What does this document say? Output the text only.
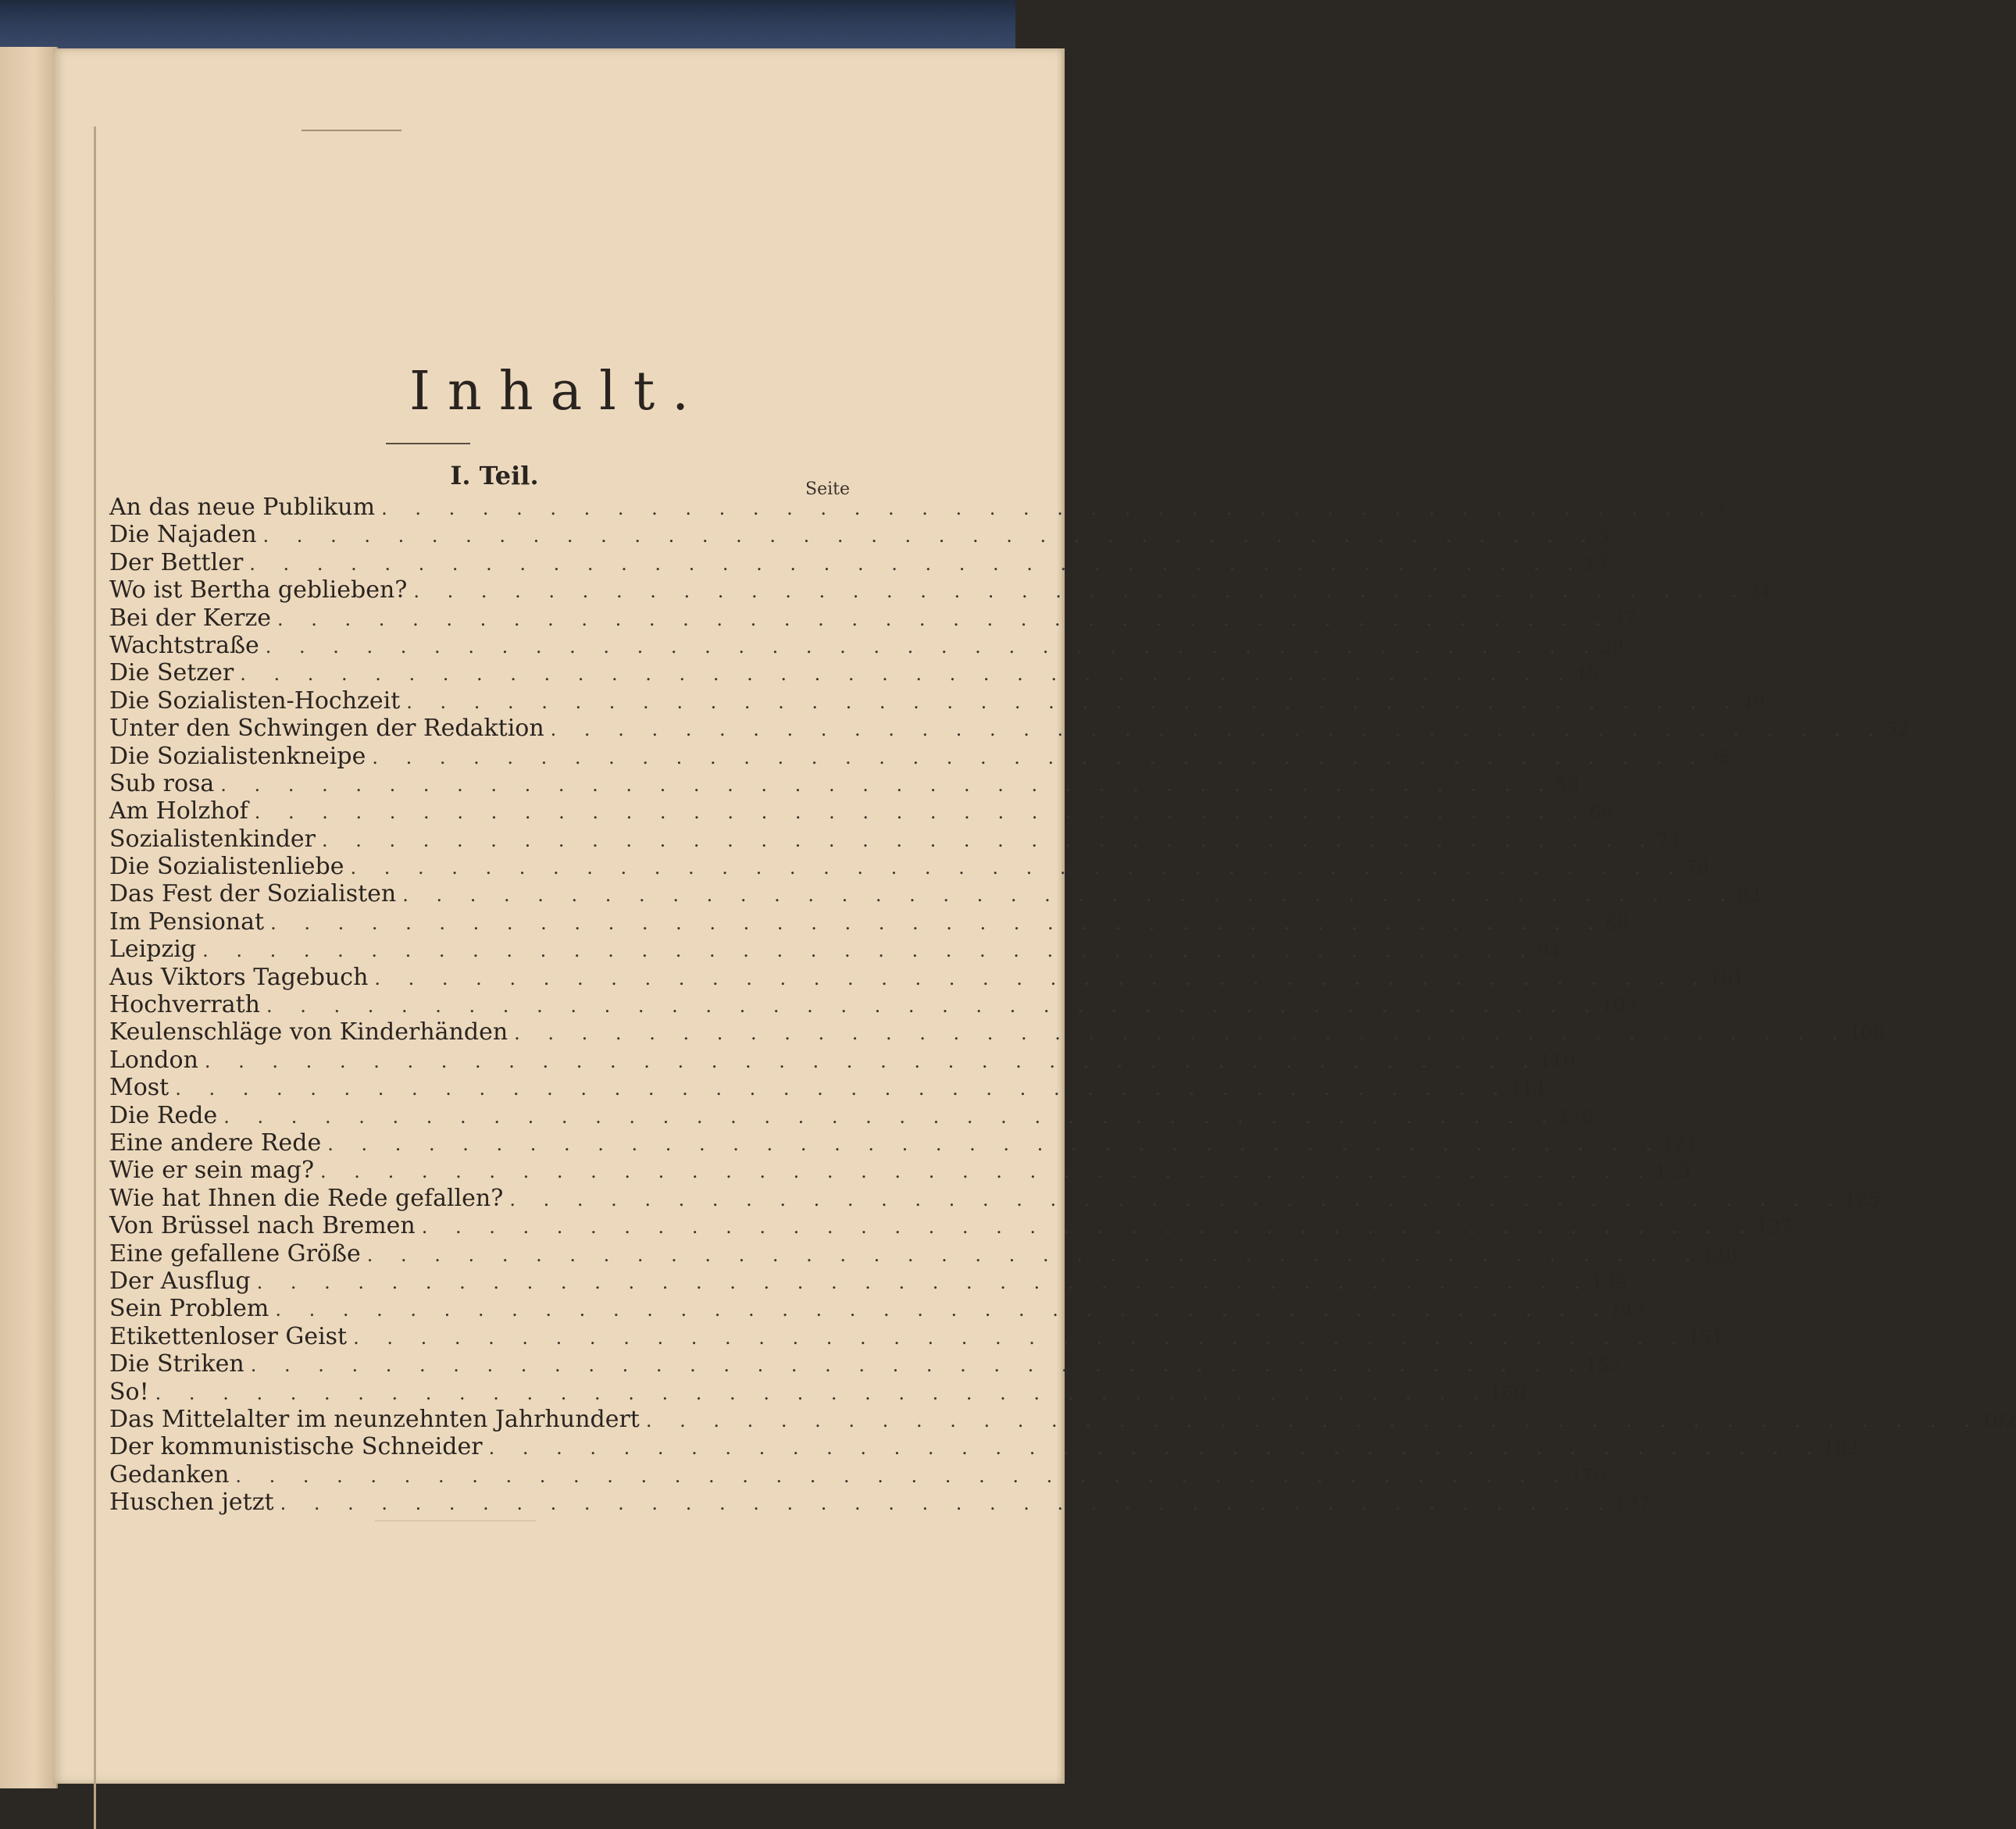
Inhalt.
I. Teil.	Seite
An das neue Publikum . . . . . . . . . . . . . . . . . . . . . . . . . . . . . . . . . . . . . . . . 1
Die Najaden . . . . . . . . . . . . . . . . . . . . . . . . . . . . . . . . . . . . . . . . 3
Der Bettler . . . . . . . . . . . . . . . . . . . . . . . . . . . . . . . . . . . . . . . . 17
Wo ist Bertha geblieben? . . . . . . . . . . . . . . . . . . . . . . . . . . . . . . . . . . . . . . . . 34
Bei der Kerze . . . . . . . . . . . . . . . . . . . . . . . . . . . . . . . . . . . . . . . . 37
Wachtstraße . . . . . . . . . . . . . . . . . . . . . . . . . . . . . . . . . . . . . . . . 39
Die Setzer . . . . . . . . . . . . . . . . . . . . . . . . . . . . . . . . . . . . . . . . 45
Die Sozialisten-Hochzeit . . . . . . . . . . . . . . . . . . . . . . . . . . . . . . . . . . . . . . . . 49
Unter den Schwingen der Redaktion . . . . . . . . . . . . . . . . . . . . . . . . . . . . . . . . . . . . . . . . 52
Die Sozialistenkneipe . . . . . . . . . . . . . . . . . . . . . . . . . . . . . . . . . . . . . . . . 55
Sub rosa . . . . . . . . . . . . . . . . . . . . . . . . . . . . . . . . . . . . . . . . 59
Am Holzhof . . . . . . . . . . . . . . . . . . . . . . . . . . . . . . . . . . . . . . . . 68
Sozialistenkinder . . . . . . . . . . . . . . . . . . . . . . . . . . . . . . . . . . . . . . . . 74
Die Sozialistenliebe . . . . . . . . . . . . . . . . . . . . . . . . . . . . . . . . . . . . . . . . 79
Das Fest der Sozialisten . . . . . . . . . . . . . . . . . . . . . . . . . . . . . . . . . . . . . . . . 82
Im Pensionat . . . . . . . . . . . . . . . . . . . . . . . . . . . . . . . . . . . . . . . . 89
Leipzig . . . . . . . . . . . . . . . . . . . . . . . . . . . . . . . . . . . . . . . . 94
Aus Viktors Tagebuch . . . . . . . . . . . . . . . . . . . . . . . . . . . . . . . . . . . . . . . . 101
Hochverrath . . . . . . . . . . . . . . . . . . . . . . . . . . . . . . . . . . . . . . . . 103
Keulenschläge von Kinderhänden . . . . . . . . . . . . . . . . . . . . . . . . . . . . . . . . . . . . . . . . 108
London . . . . . . . . . . . . . . . . . . . . . . . . . . . . . . . . . . . . . . . . 110
Most . . . . . . . . . . . . . . . . . . . . . . . . . . . . . . . . . . . . . . . . 114
Die Rede . . . . . . . . . . . . . . . . . . . . . . . . . . . . . . . . . . . . . . . . 116
Eine andere Rede . . . . . . . . . . . . . . . . . . . . . . . . . . . . . . . . . . . . . . . . 121
Wie er sein mag? . . . . . . . . . . . . . . . . . . . . . . . . . . . . . . . . . . . . . . . . 123
Wie hat Ihnen die Rede gefallen? . . . . . . . . . . . . . . . . . . . . . . . . . . . . . . . . . . . . . . . . 125
Von Brüssel nach Bremen . . . . . . . . . . . . . . . . . . . . . . . . . . . . . . . . . . . . . . . . 127
Eine gefallene Größe . . . . . . . . . . . . . . . . . . . . . . . . . . . . . . . . . . . . . . . . 128
Der Ausflug . . . . . . . . . . . . . . . . . . . . . . . . . . . . . . . . . . . . . . . . 139
Sein Problem . . . . . . . . . . . . . . . . . . . . . . . . . . . . . . . . . . . . . . . . 143
Etikettenloser Geist . . . . . . . . . . . . . . . . . . . . . . . . . . . . . . . . . . . . . . . . 151
Die Striken . . . . . . . . . . . . . . . . . . . . . . . . . . . . . . . . . . . . . . . . 152
So! . . . . . . . . . . . . . . . . . . . . . . . . . . . . . . . . . . . . . . . . 160
Das Mittelalter im neunzehnten Jahrhundert . . . . . . . . . . . . . . . . . . . . . . . . . . . . . . . . . . . . . . . . 162
Der kommunistische Schneider . . . . . . . . . . . . . . . . . . . . . . . . . . . . . . . . . . . . . . . . 162
Gedanken . . . . . . . . . . . . . . . . . . . . . . . . . . . . . . . . . . . . . . . . 176
Huschen jetzt . . . . . . . . . . . . . . . . . . . . . . . . . . . . . . . . . . . . . . . . 177
